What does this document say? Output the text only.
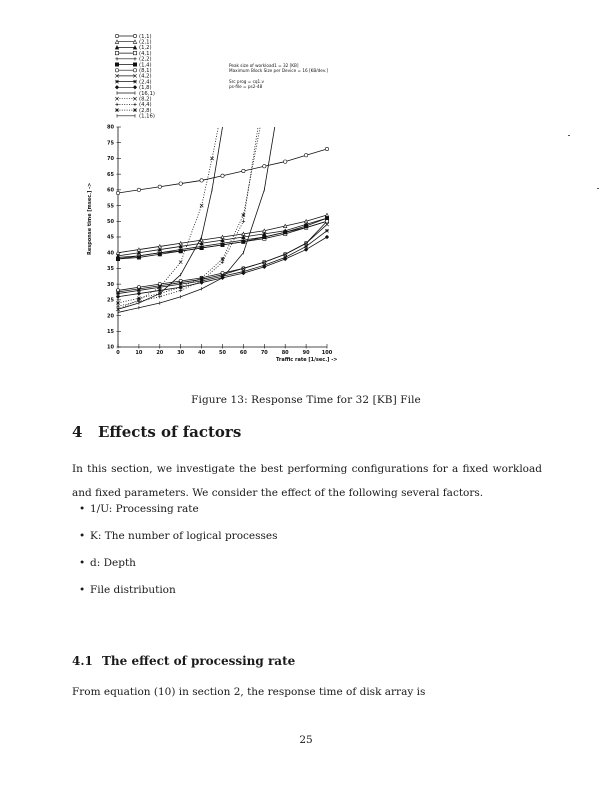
(1,1)
(2,1)
(1,2)
(4,1)
(2,2)
(1,4)
(8,1)
(4,2)
(2,4)
(1,8)
(16,1)
(8,2)
(4,4)
(2,8)
(1,16)
Peak size of workload1 = 32 [KB]
Maximum Block Size per Device = 16 [KB/dev.]
Src prog = cq1.v
ps-file = ps2-48
0	10	20	30	40	50	60	70	80	90 100
10
15
20
25
30
35
40
45
50
55
60
65
70
75
80
Traffic rate [1/sec.] ->
Response time [msec.] ->
Figure 13: Response Time for 32 [KB] File
4 Effects of factors

In this section, we investigate the best performing configurations for a fixed workload and fixed parameters. We consider the effect of the following several factors.

• 1/U: Processing rate
• K: The number of logical processes
• d: Depth
• File distribution
4.1 The effect of processing rate

From equation (10) in section 2, the response time of disk array is

25
